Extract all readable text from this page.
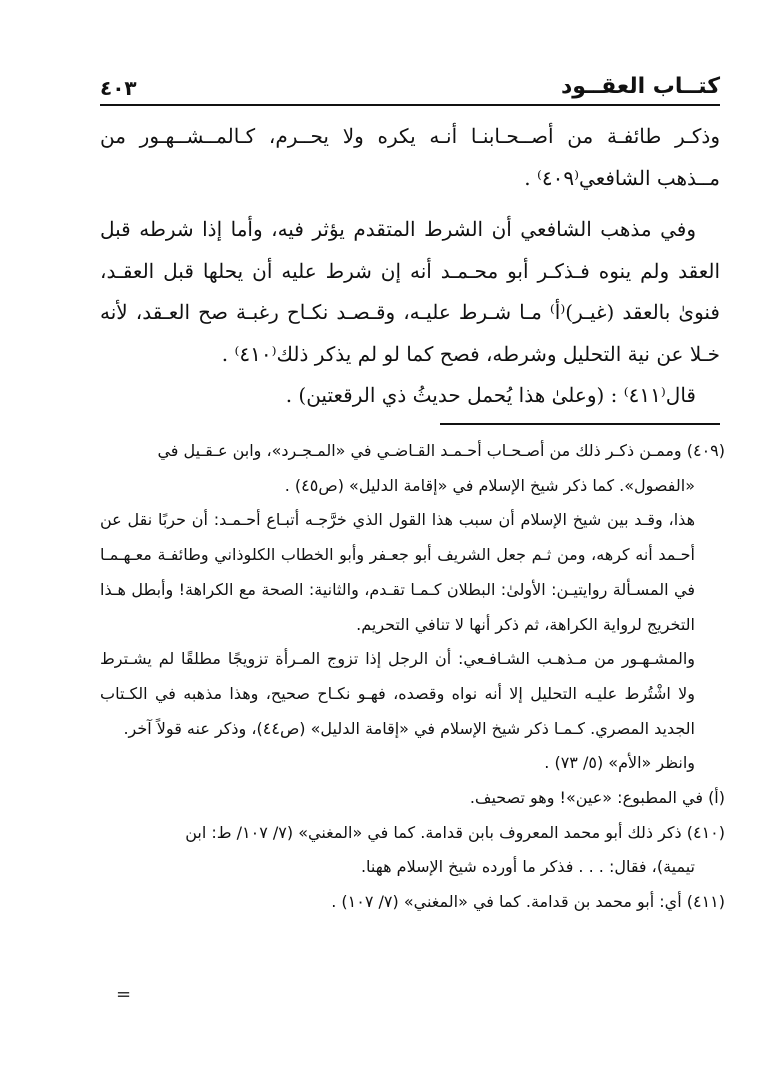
كتــاب العقــود
٤٠٣

وذكـر طائفـة من أصــحـابنـا أنـه يكره ولا يحــرم، كـالمــشــهـور من مــذهب الشافعي⁽٤٠٩⁾ .

وفي مذهب الشافعي أن الشرط المتقدم يؤثر فيه، وأما إذا شرطه قبل العقد ولم ينوه فـذكـر أبو محـمـد أنه إن شرط عليه أن يحلها قبل العقـد، فنوىٰ بالعقد (غيـر)⁽أ⁾ مـا شـرط عليـه، وقـصـد نكـاح رغبـة صح العـقد، لأنه خـلا عن نية التحليل وشرطه، فصح كما لو لم يذكر ذلك⁽٤١٠⁾ .

قال⁽٤١١⁾ : (وعلىٰ هذا يُحمل حديثُ ذي الرقعتين) .

(٤٠٩) وممـن ذكـر ذلك من أصـحـاب أحـمـد القـاضـي في «المـجـرد»، وابن عـقـيل في

«الفصول». كما ذكر شيخ الإسلام في «إقامة الدليل» (ص٤٥) .

هذا، وقـد بين شيخ الإسلام أن سبب هذا القول الذي خرَّجـه أتبـاع أحـمـد: أن حربًا نقل عن أحـمد أنه كرهه، ومن ثـم جعل الشريف أبو جعـفر وأبو الخطاب الكلوذاني وطائفـة معـهـمـا في المسـألة روايتيـن: الأولىٰ: البطلان كـمـا تقـدم، والثانية: الصحة مع الكراهة! وأبطل هـذا التخريج لرواية الكراهة، ثم ذكر أنها لا تنافي التحريم.

والمشـهـور من مـذهـب الشـافـعي: أن الرجل إذا تزوج المـرأة تزويجًا مطلقًا لم يشـترط ولا اشْتُرط عليـه التحليل إلا أنه نواه وقصده، فهـو نكـاح صحيح، وهذا مذهبه في الكـتاب الجديد المصري. كـمـا ذكر شيخ الإسلام في «إقامة الدليل» (ص٤٤)، وذكر عنه قولاً آخر.

وانظر «الأم» (٥/ ٧٣) .

(أ) في المطبوع: «عين»! وهو تصحيف.

(٤١٠) ذكر ذلك أبو محمد المعروف بابن قدامة. كما في «المغني» (٧/ ١٠٧/ ط: ابن

تيمية)، فقال: . . . فذكر ما أورده شيخ الإسلام ههنا.

(٤١١) أي: أبو محمد بن قدامة. كما في «المغني» (٧/ ١٠٧) .

=
